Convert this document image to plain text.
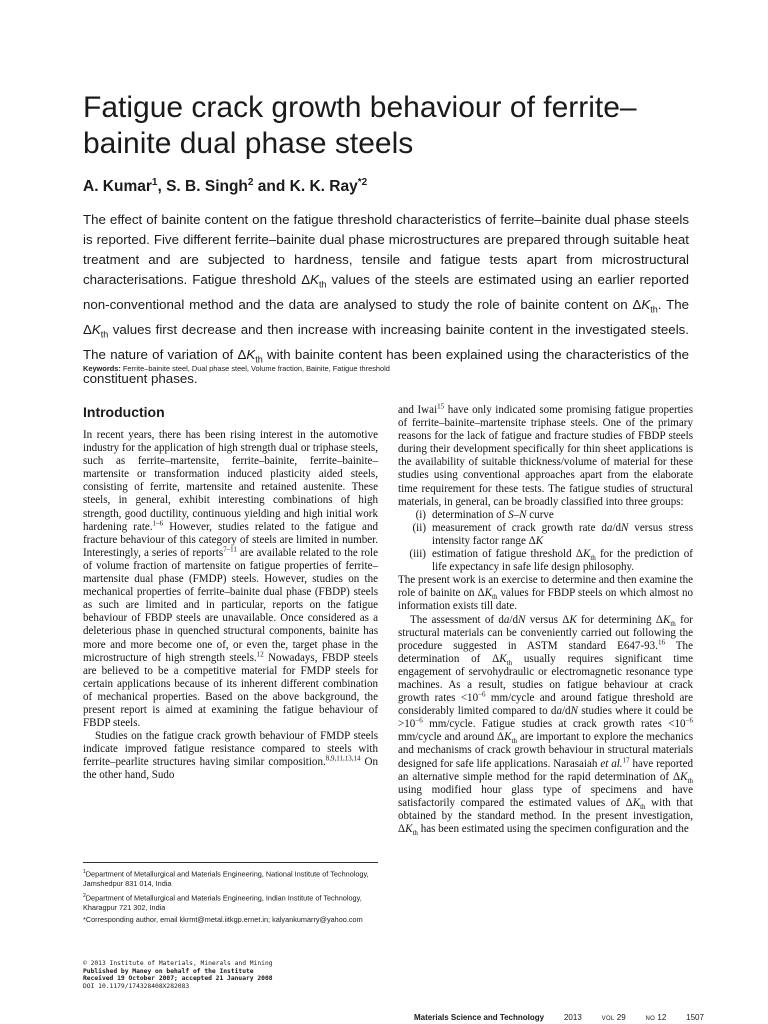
Fatigue crack growth behaviour of ferrite–bainite dual phase steels
A. Kumar$^1$, S. B. Singh$^2$ and K. K. Ray$^{*2}$

The effect of bainite content on the fatigue threshold characteristics of ferrite–bainite dual phase steels is reported. Five different ferrite–bainite dual phase microstructures are prepared through suitable heat treatment and are subjected to hardness, tensile and fatigue tests apart from microstructural characterisations. Fatigue threshold $\Delta K_{th}$ values of the steels are estimated using an earlier reported non-conventional method and the data are analysed to study the role of bainite content on $\Delta K_{th}$. The $\Delta K_{th}$ values first decrease and then increase with increasing bainite content in the investigated steels. The nature of variation of $\Delta K_{th}$ with bainite content has been explained using the characteristics of the constituent phases.

Keywords: Ferrite–bainite steel, Dual phase steel, Volume fraction, Bainite, Fatigue threshold
Introduction

In recent years, there has been rising interest in the automotive industry for the application of high strength dual or triphase steels, such as ferrite–martensite, ferrite–bainite, ferrite–bainite–martensite or transformation induced plasticity aided steels, consisting of ferrite, martensite and retained austenite. These steels, in general, exhibit interesting combinations of high strength, good ductility, continuous yielding and high initial work hardening rate.$^{1-6}$ However, studies related to the fatigue and fracture behaviour of this category of steels are limited in number. Interestingly, a series of reports$^{7-11}$ are available related to the role of volume fraction of martensite on fatigue properties of ferrite–martensite dual phase (FMDP) steels. However, studies on the mechanical properties of ferrite–bainite dual phase (FBDP) steels as such are limited and in particular, reports on the fatigue behaviour of FBDP steels are unavailable. Once considered as a deleterious phase in quenched structural components, bainite has more and more become one of, or even the, target phase in the microstructure of high strength steels.$^{12}$ Nowadays, FBDP steels are believed to be a competitive material for FMDP steels for certain applications because of its inherent different combination of mechanical properties. Based on the above background, the present report is aimed at examining the fatigue behaviour of FBDP steels.

Studies on the fatigue crack growth behaviour of FMDP steels indicate improved fatigue resistance compared to steels with ferrite–pearlite structures having similar composition.$^{8,9,11,13,14}$ On the other hand, Sudo

$^1$Department of Metallurgical and Materials Engineering, National Institute of Technology, Jamshedpur 831 014, India

$^2$Department of Metallurgical and Materials Engineering, Indian Institute of Technology, Kharagpur 721 302, India

*Corresponding author, email kkrmt@metal.iitkgp.ernet.in; kalyankumarry@yahoo.com

and Iwai$^{15}$ have only indicated some promising fatigue properties of ferrite–bainite–martensite triphase steels. One of the primary reasons for the lack of fatigue and fracture studies of FBDP steels during their development specifically for thin sheet applications is the availability of suitable thickness/volume of material for these studies using conventional approaches apart from the elaborate time requirement for these tests. The fatigue studies of structural materials, in general, can be broadly classified into three groups:

(i) determination of S–N curve
(ii) measurement of crack growth rate da/dN versus stress intensity factor range ΔK
(iii) estimation of fatigue threshold $\Delta K_{th}$ for the prediction of life expectancy in safe life design philosophy.

The present work is an exercise to determine and then examine the role of bainite on $\Delta K_{th}$ values for FBDP steels on which almost no information exists till date.

The assessment of da/dN versus ΔK for determining $\Delta K_{th}$ for structural materials can be conveniently carried out following the procedure suggested in ASTM standard E647-93.16 The determination of $\Delta K_{th}$ usually requires significant time engagement of servohydraulic or electromagnetic resonance type machines. As a result, studies on fatigue behaviour at crack growth rates $<10^{-6}$ mm/cycle and around fatigue threshold are considerably limited compared to da/dN studies where it could be $>10^{-6}$ mm/cycle. Fatigue studies at crack growth rates $<10^{-6}$ mm/cycle and around $\Delta K_{th}$ are important to explore the mechanics and mechanisms of crack growth behaviour in structural materials designed for safe life applications. Narasaiah et al.$^{17}$ have reported an alternative simple method for the rapid determination of $\Delta K_{th}$ using modified hour glass type of specimens and have satisfactorily compared the estimated values of $\Delta K_{th}$ with that obtained by the standard method. In the present investigation, $\Delta K_{th}$ has been estimated using the specimen configuration and the

© 2013 Institute of Materials, Minerals and Mining
Published by Maney on behalf of the Institute
Received 19 October 2007; accepted 21 January 2008
DOI 10.1179/174328408X282083
Materials Science and Technology 2013	VOL 29	NO 12 1507
